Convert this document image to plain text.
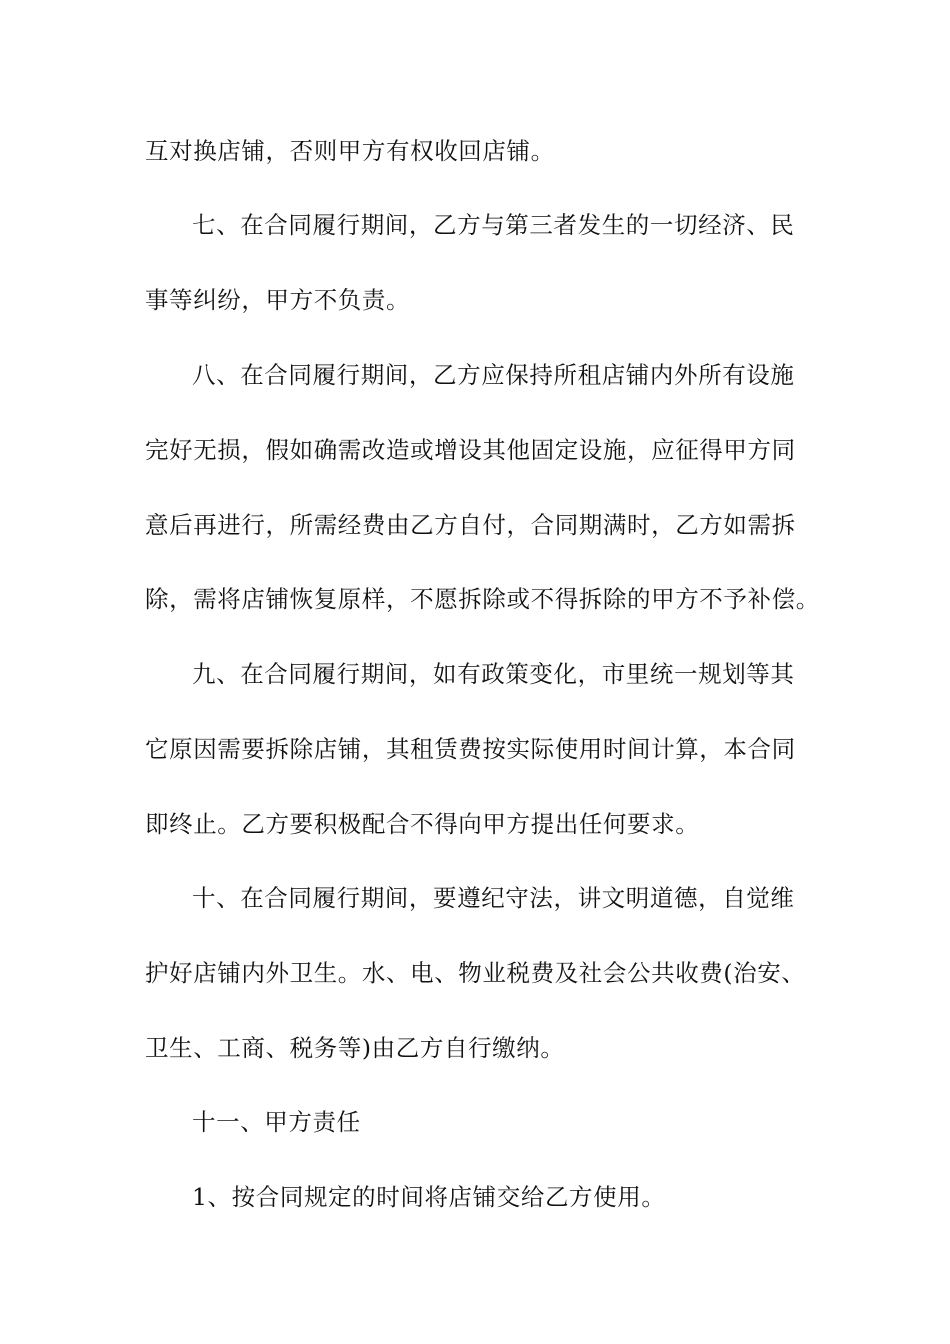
互对换店铺，否则甲方有权收回店铺。
七、在合同履行期间，乙方与第三者发生的一切经济、民
事等纠纷，甲方不负责。
八、在合同履行期间，乙方应保持所租店铺内外所有设施
完好无损，假如确需改造或增设其他固定设施，应征得甲方同
意后再进行，所需经费由乙方自付，合同期满时，乙方如需拆
除，需将店铺恢复原样，不愿拆除或不得拆除的甲方不予补偿。
九、在合同履行期间，如有政策变化，市里统一规划等其
它原因需要拆除店铺，其租赁费按实际使用时间计算，本合同
即终止。乙方要积极配合不得向甲方提出任何要求。
十、在合同履行期间，要遵纪守法，讲文明道德，自觉维
护好店铺内外卫生。水、电、物业税费及社会公共收费(治安、
卫生、工商、税务等)由乙方自行缴纳。
十一、甲方责任
1、按合同规定的时间将店铺交给乙方使用。
